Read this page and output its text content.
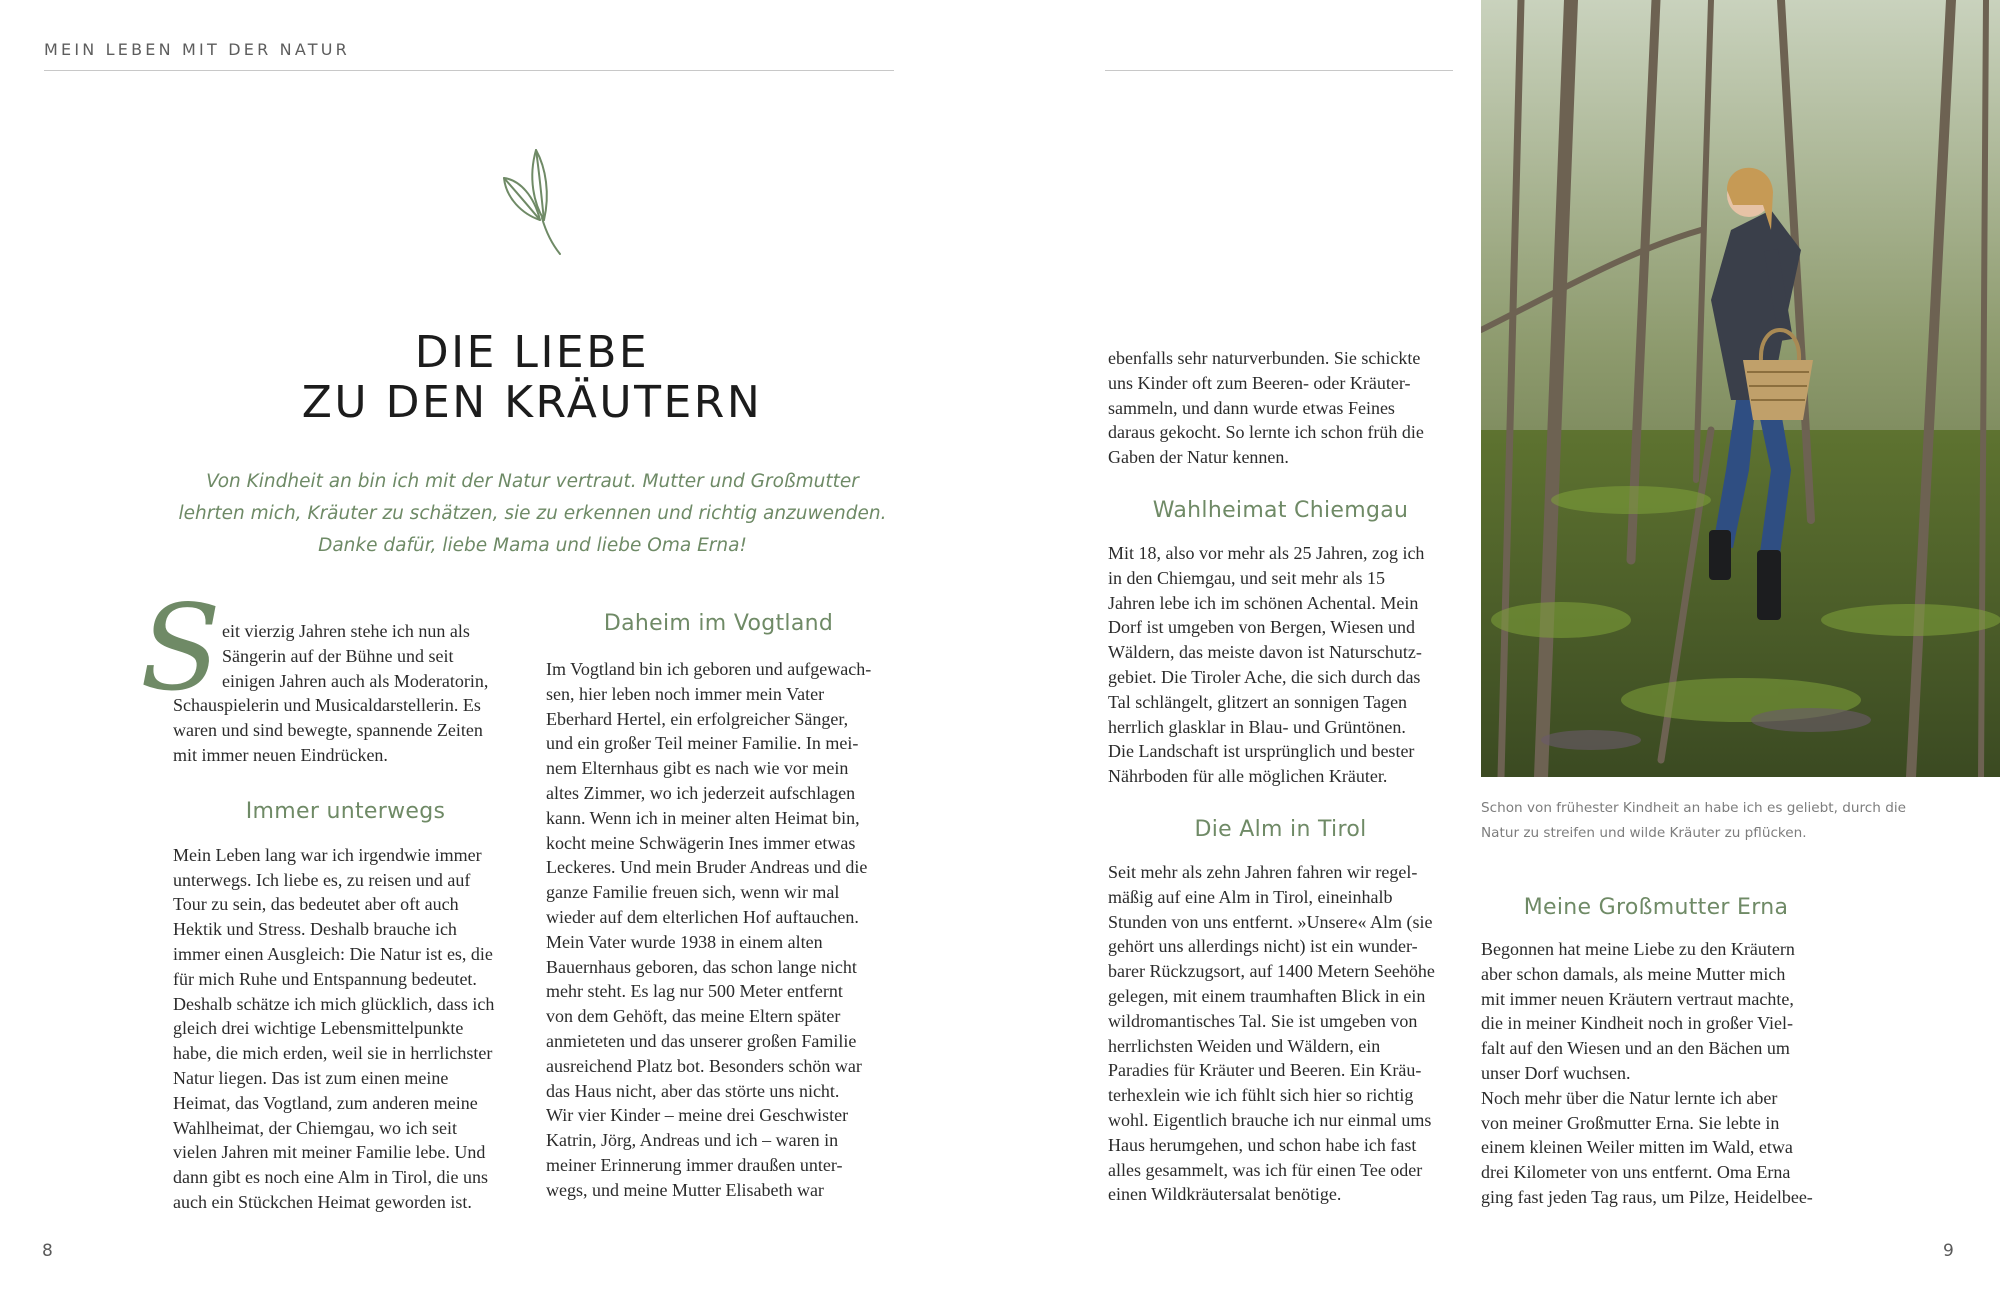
MEIN LEBEN MIT DER NATUR
DIE LIEBE
ZU DEN KRÄUTERN
Von Kindheit an bin ich mit der Natur vertraut. Mutter und Großmutter
lehrten mich, Kräuter zu schätzen, sie zu erkennen und richtig anzuwenden.
Danke dafür, liebe Mama und liebe Oma Erna!
S eit vierzig Jahren stehe ich nun als
Sängerin auf der Bühne und seit
einigen Jahren auch als Moderatorin,
Schauspielerin und Musicaldarstellerin. Es
waren und sind bewegte, spannende Zeiten
mit immer neuen Eindrücken.
Immer unterwegs
Mein Leben lang war ich irgendwie immer
unterwegs. Ich liebe es, zu reisen und auf
Tour zu sein, das bedeutet aber oft auch
Hektik und Stress. Deshalb brauche ich
immer einen Ausgleich: Die Natur ist es, die
für mich Ruhe und Entspannung bedeutet.
Deshalb schätze ich mich glücklich, dass ich
gleich drei wichtige Lebensmittelpunkte
habe, die mich erden, weil sie in herrlichster
Natur liegen. Das ist zum einen meine
Heimat, das Vogtland, zum anderen meine
Wahlheimat, der Chiemgau, wo ich seit
vielen Jahren mit meiner Familie lebe. Und
dann gibt es noch eine Alm in Tirol, die uns
auch ein Stückchen Heimat geworden ist.
Daheim im Vogtland
Im Vogtland bin ich geboren und aufgewach-
sen, hier leben noch immer mein Vater
Eberhard Hertel, ein erfolgreicher Sänger,
und ein großer Teil meiner Familie. In mei-
nem Elternhaus gibt es nach wie vor mein
altes Zimmer, wo ich jederzeit aufschlagen
kann. Wenn ich in meiner alten Heimat bin,
kocht meine Schwägerin Ines immer etwas
Leckeres. Und mein Bruder Andreas und die
ganze Familie freuen sich, wenn wir mal
wieder auf dem elterlichen Hof auftauchen.
Mein Vater wurde 1938 in einem alten
Bauernhaus geboren, das schon lange nicht
mehr steht. Es lag nur 500 Meter entfernt
von dem Gehöft, das meine Eltern später
anmieteten und das unserer großen Familie
ausreichend Platz bot. Besonders schön war
das Haus nicht, aber das störte uns nicht.
Wir vier Kinder – meine drei Geschwister
Katrin, Jörg, Andreas und ich – waren in
meiner Erinnerung immer draußen unter-
wegs, und meine Mutter Elisabeth war
ebenfalls sehr naturverbunden. Sie schickte
uns Kinder oft zum Beeren- oder Kräuter-
sammeln, und dann wurde etwas Feines
daraus gekocht. So lernte ich schon früh die
Gaben der Natur kennen.
Wahlheimat Chiemgau
Mit 18, also vor mehr als 25 Jahren, zog ich
in den Chiemgau, und seit mehr als 15
Jahren lebe ich im schönen Achental. Mein
Dorf ist umgeben von Bergen, Wiesen und
Wäldern, das meiste davon ist Naturschutz-
gebiet. Die Tiroler Ache, die sich durch das
Tal schlängelt, glitzert an sonnigen Tagen
herrlich glasklar in Blau- und Grüntönen.
Die Landschaft ist ursprünglich und bester
Nährboden für alle möglichen Kräuter.
Die Alm in Tirol
Seit mehr als zehn Jahren fahren wir regel-
mäßig auf eine Alm in Tirol, eineinhalb
Stunden von uns entfernt. »Unsere« Alm (sie
gehört uns allerdings nicht) ist ein wunder-
barer Rückzugsort, auf 1400 Metern Seehöhe
gelegen, mit einem traumhaften Blick in ein
wildromantisches Tal. Sie ist umgeben von
herrlichsten Weiden und Wäldern, ein
Paradies für Kräuter und Beeren. Ein Kräu-
terhexlein wie ich fühlt sich hier so richtig
wohl. Eigentlich brauche ich nur einmal ums
Haus herumgehen, und schon habe ich fast
alles gesammelt, was ich für einen Tee oder
einen Wildkräutersalat benötige.
Schon von frühester Kindheit an habe ich es geliebt, durch die
Natur zu streifen und wilde Kräuter zu pflücken.
Meine Großmutter Erna
Begonnen hat meine Liebe zu den Kräutern
aber schon damals, als meine Mutter mich
mit immer neuen Kräutern vertraut machte,
die in meiner Kindheit noch in großer Viel-
falt auf den Wiesen und an den Bächen um
unser Dorf wuchsen.
Noch mehr über die Natur lernte ich aber
von meiner Großmutter Erna. Sie lebte in
einem kleinen Weiler mitten im Wald, etwa
drei Kilometer von uns entfernt. Oma Erna
ging fast jeden Tag raus, um Pilze, Heidelbee-
8	9
